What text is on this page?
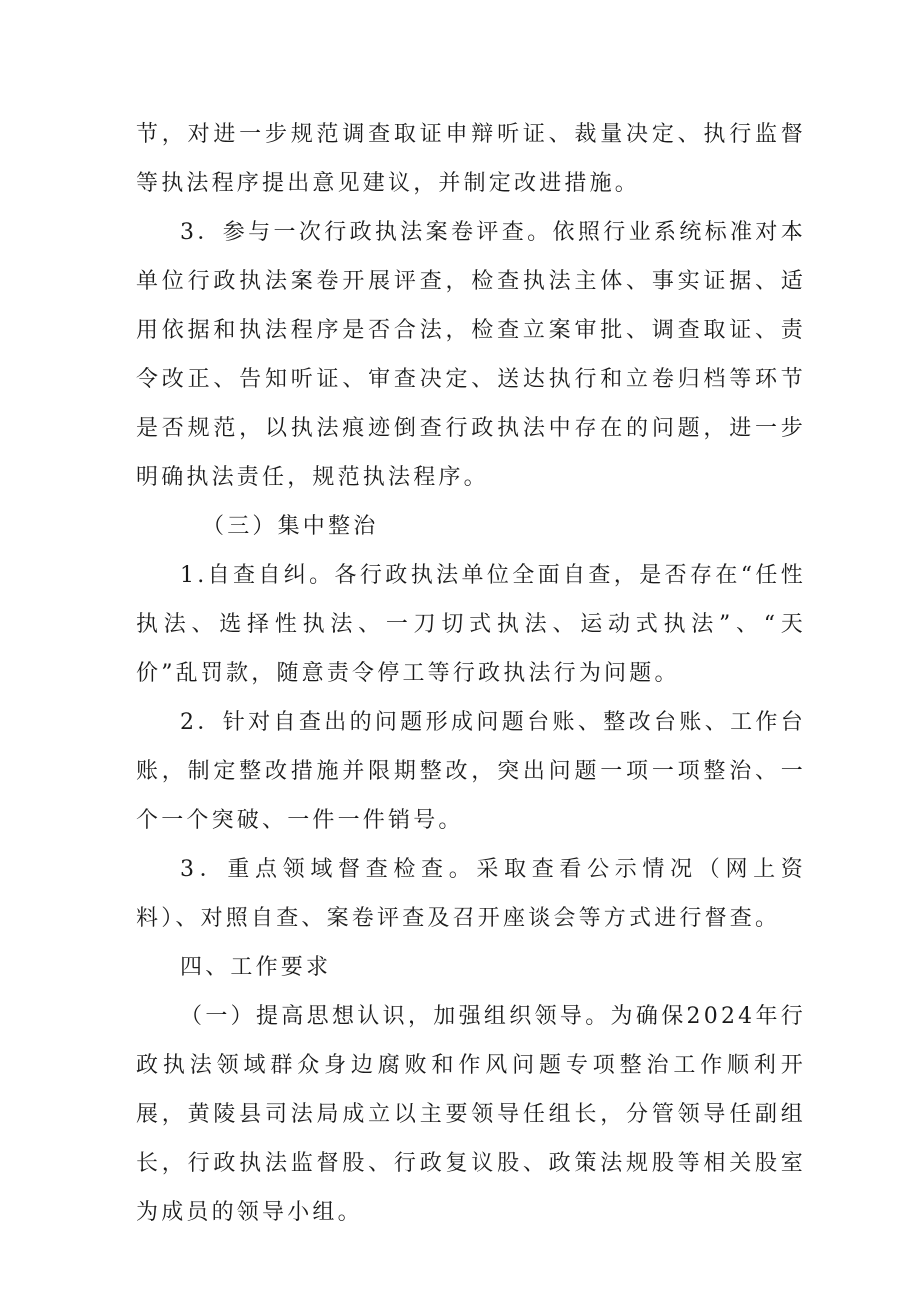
节，对进一步规范调查取证申辩听证、裁量决定、执行监督等执法程序提出意见建议，并制定改进措施。

3．参与一次行政执法案卷评查。依照行业系统标准对本单位行政执法案卷开展评查，检查执法主体、事实证据、适用依据和执法程序是否合法，检查立案审批、调查取证、责令改正、告知听证、审查决定、送达执行和立卷归档等环节是否规范，以执法痕迹倒查行政执法中存在的问题，进一步明确执法责任，规范执法程序。

（三）集中整治

1.自查自纠。各行政执法单位全面自查，是否存在“任性执法、选择性执法、一刀切式执法、运动式执法”、“天价”乱罚款，随意责令停工等行政执法行为问题。

2．针对自查出的问题形成问题台账、整改台账、工作台账，制定整改措施并限期整改，突出问题一项一项整治、一个一个突破、一件一件销号。

3．重点领域督查检查。采取查看公示情况（网上资料）、对照自查、案卷评查及召开座谈会等方式进行督查。

四、工作要求

（一）提高思想认识，加强组织领导。为确保2024年行政执法领域群众身边腐败和作风问题专项整治工作顺利开展，黄陵县司法局成立以主要领导任组长，分管领导任副组长，行政执法监督股、行政复议股、政策法规股等相关股室为成员的领导小组。
